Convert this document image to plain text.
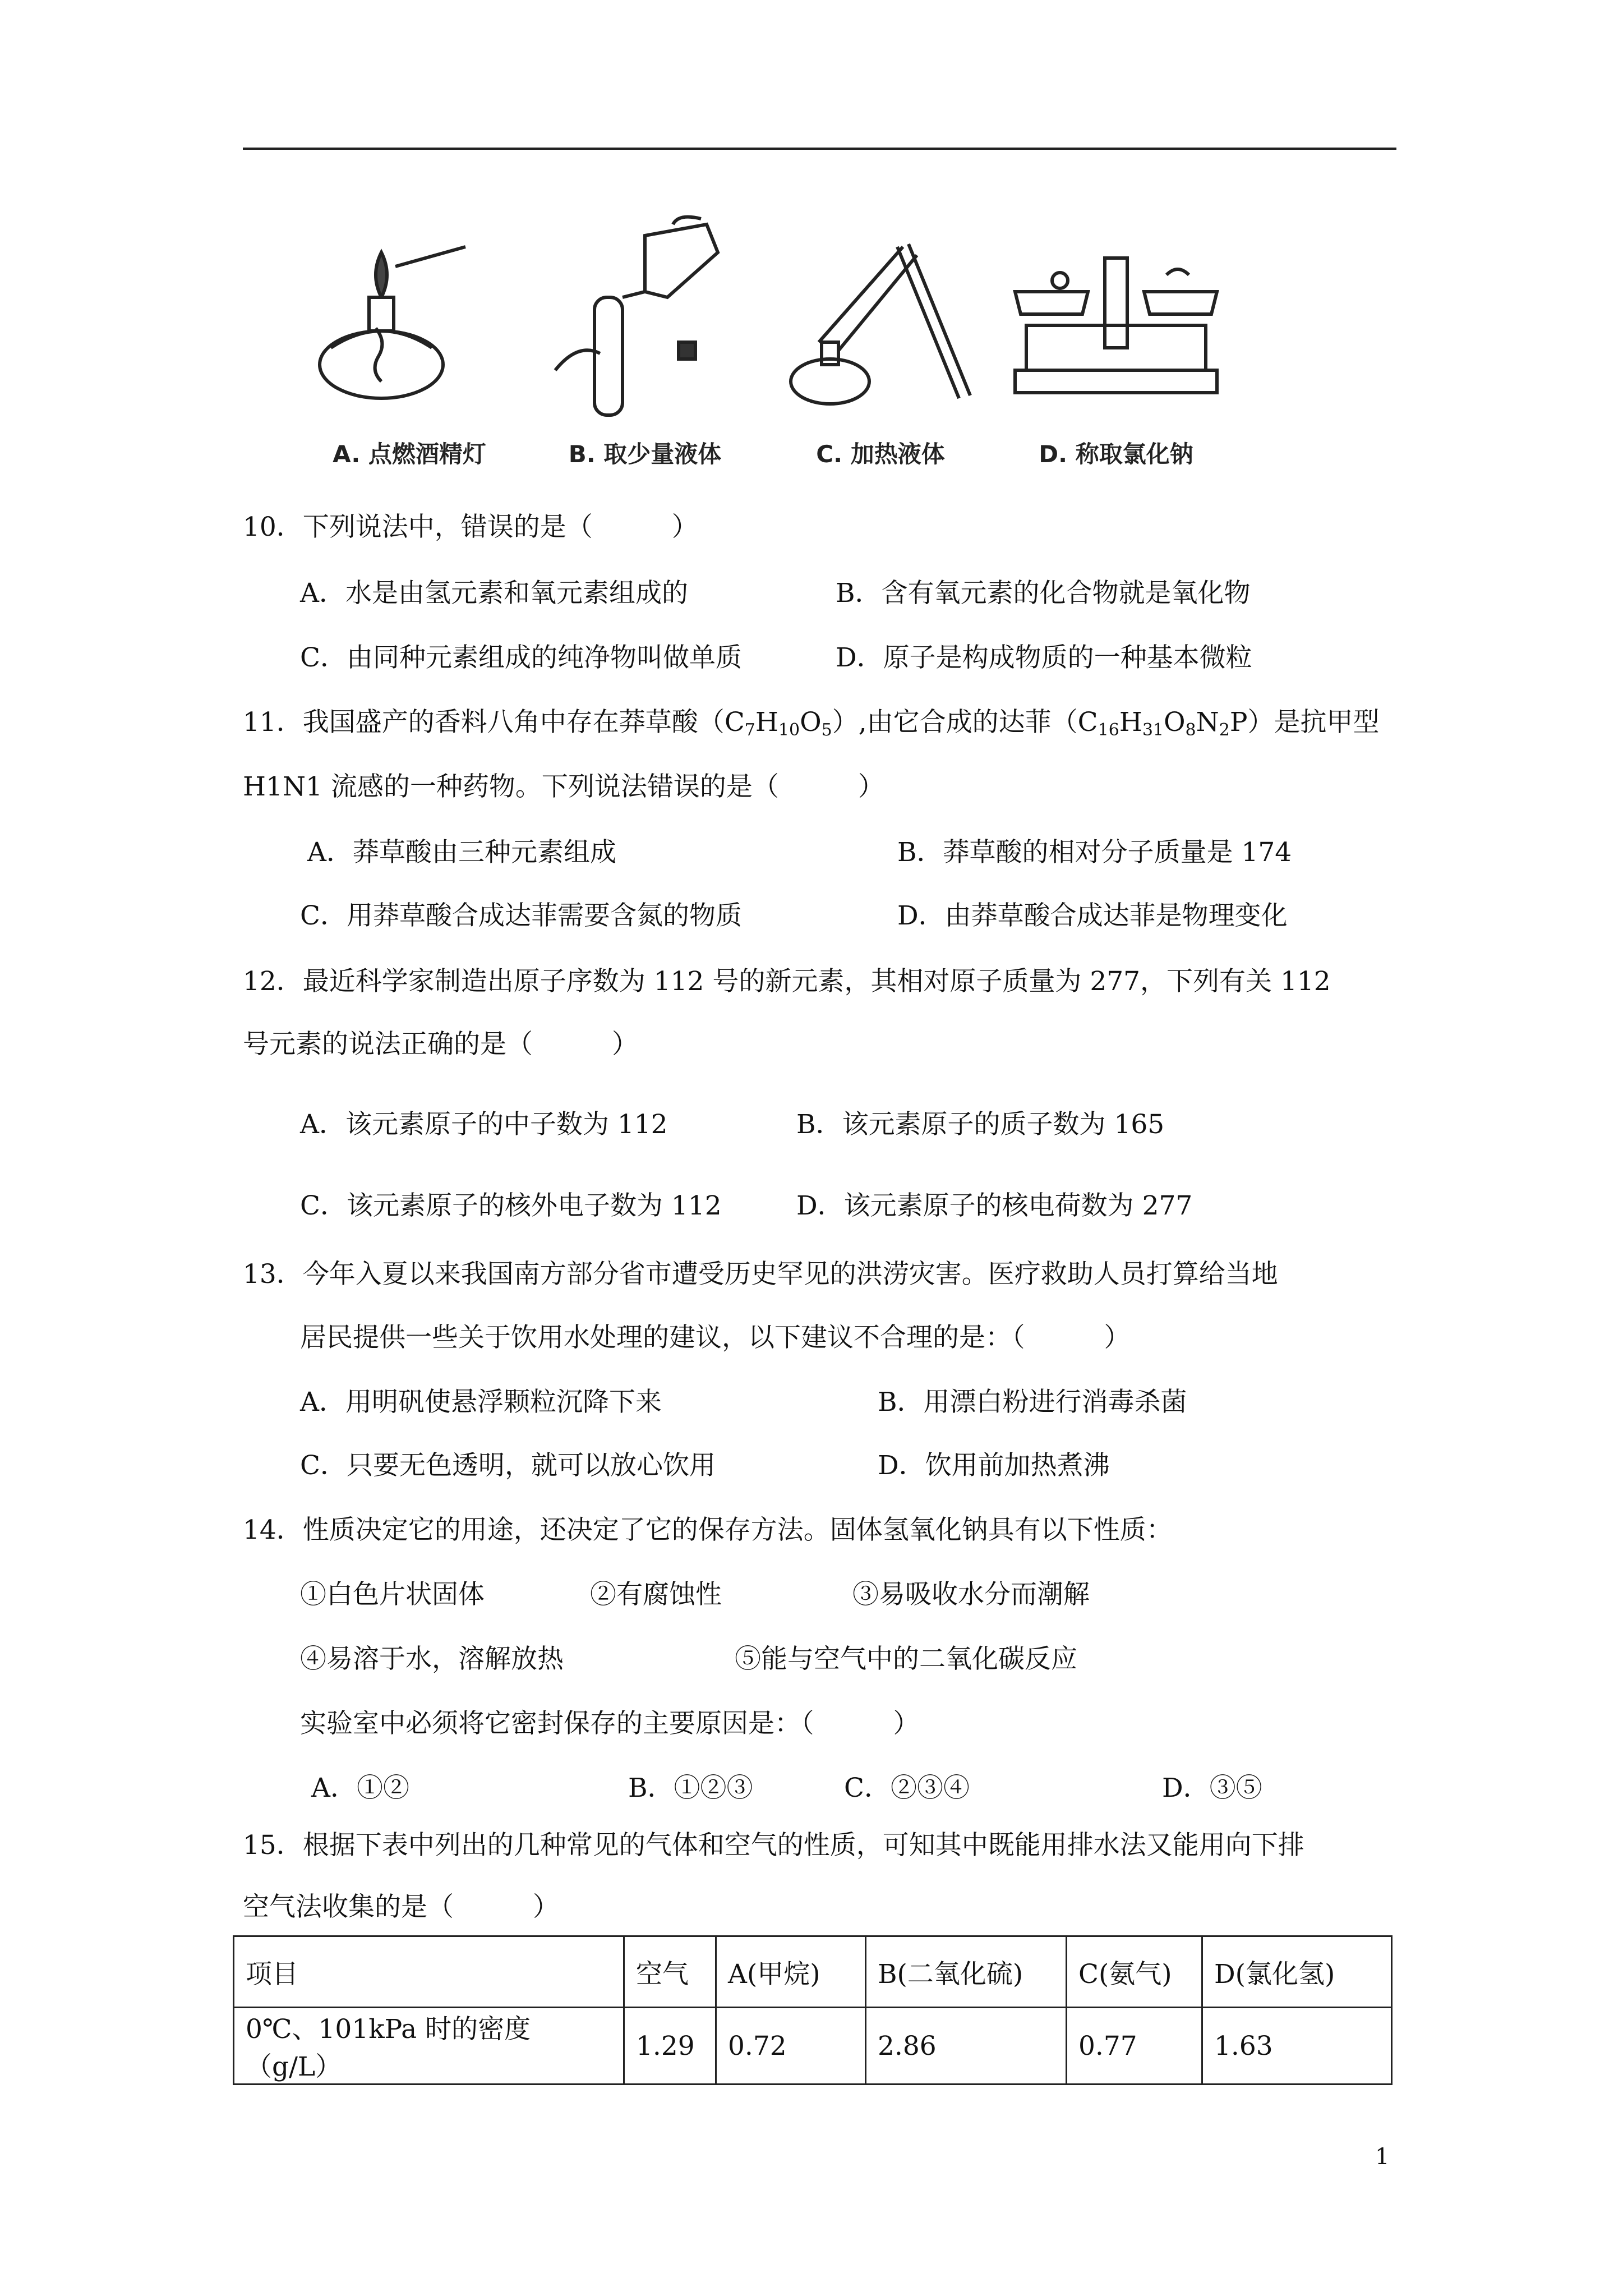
A. 点燃酒精灯	B. 取少量液体	C. 加热液体	D. 称取氯化钠
10．下列说法中，错误的是（　　　）
A．水是由氢元素和氧元素组成的	B．含有氧元素的化合物就是氧化物
C．由同种元素组成的纯净物叫做单质	D．原子是构成物质的一种基本微粒
11．我国盛产的香料八角中存在莽草酸$(C_7H_{10}O_5)$,由它合成的达菲$(C_{16}H_{31}O_8N_2P)$是抗甲型
H1N1 流感的一种药物。下列说法错误的是（　　　）
A．莽草酸由三种元素组成	B．莽草酸的相对分子质量是 174
C．用莽草酸合成达菲需要含氮的物质	D．由莽草酸合成达菲是物理变化
12．最近科学家制造出原子序数为 112 号的新元素，其相对原子质量为 277，下列有关 112
号元素的说法正确的是（　　　）
A．该元素原子的中子数为 112	B．该元素原子的质子数为 165
C．该元素原子的核外电子数为 112	D．该元素原子的核电荷数为 277
13．今年入夏以来我国南方部分省市遭受历史罕见的洪涝灾害。医疗救助人员打算给当地
居民提供一些关于饮用水处理的建议，以下建议不合理的是：（　　　）
A．用明矾使悬浮颗粒沉降下来	B．用漂白粉进行消毒杀菌
C．只要无色透明，就可以放心饮用	D．饮用前加热煮沸
14．性质决定它的用途，还决定了它的保存方法。固体氢氧化钠具有以下性质：
①白色片状固体	②有腐蚀性	③易吸收水分而潮解
④易溶于水，溶解放热	⑤能与空气中的二氧化碳反应
实验室中必须将它密封保存的主要原因是：（　　　）
A．①②	B．①②③	C．②③④	D．③⑤
15．根据下表中列出的几种常见的气体和空气的性质，可知其中既能用排水法又能用向下排
空气法收集的是（　　　）
项目	空气	A(甲烷)	B(二氧化硫)	C(氨气)	D(氯化氢)
0℃、101kPa 时的密度（g/L）	1.29	0.72	2.86	0.77	1.63
1
